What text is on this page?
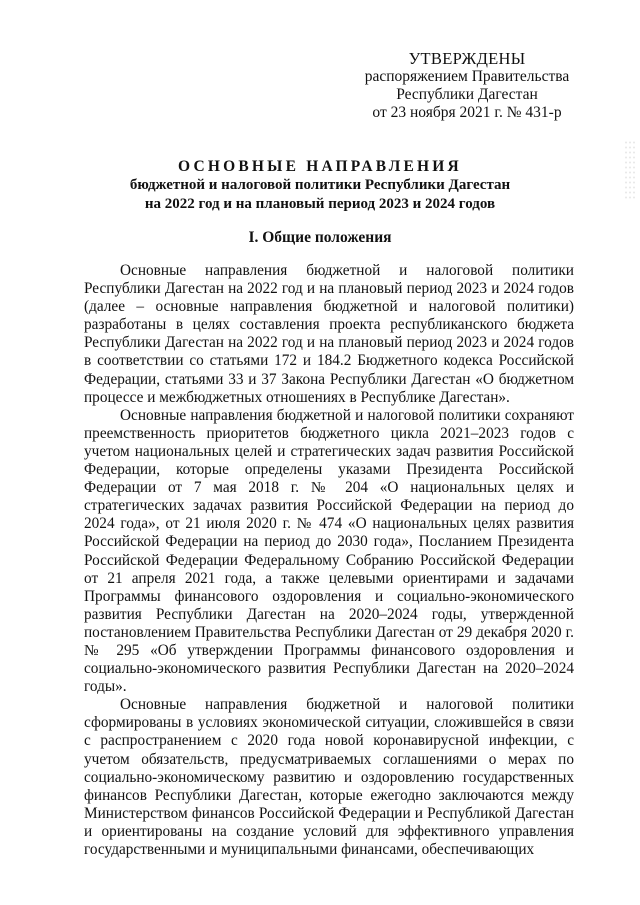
УТВЕРЖДЕНЫ
распоряжением Правительства
Республики Дагестан
от 23 ноября 2021 г. № 431-р
ОСНОВНЫЕ НАПРАВЛЕНИЯ
бюджетной и налоговой политики Республики Дагестан
на 2022 год и на плановый период 2023 и 2024 годов
I. Общие положения

Основные направления бюджетной и налоговой политики Республики Дагестан на 2022 год и на плановый период 2023 и 2024 годов (далее – основные направления бюджетной и налоговой политики) разработаны в целях составления проекта республиканского бюджета Республики Дагестан на 2022 год и на плановый период 2023 и 2024 годов в соответствии со статьями 172 и 184.2 Бюджетного кодекса Российской Федерации, статьями 33 и 37 Закона Республики Дагестан «О бюджетном процессе и межбюджетных отношениях в Республике Дагестан».

Основные направления бюджетной и налоговой политики сохраняют преемственность приоритетов бюджетного цикла 2021–2023 годов с учетом национальных целей и стратегических задач развития Российской Федерации, которые определены указами Президента Российской Федерации от 7 мая 2018 г. № 204 «О национальных целях и стратегических задачах развития Российской Федерации на период до 2024 года», от 21 июля 2020 г. № 474 «О национальных целях развития Российской Федерации на период до 2030 года», Посланием Президента Российской Федерации Федеральному Собранию Российской Федерации от 21 апреля 2021 года, а также целевыми ориентирами и задачами Программы финансового оздоровления и социально-экономического развития Республики Дагестан на 2020–2024 годы, утвержденной постановлением Правительства Республики Дагестан от 29 декабря 2020 г. № 295 «Об утверждении Программы финансового оздоровления и социально-экономического развития Республики Дагестан на 2020–2024 годы».

Основные направления бюджетной и налоговой политики сформированы в условиях экономической ситуации, сложившейся в связи с распространением с 2020 года новой коронавирусной инфекции, с учетом обязательств, предусматриваемых соглашениями о мерах по социально-экономическому развитию и оздоровлению государственных финансов Республики Дагестан, которые ежегодно заключаются между Министерством финансов Российской Федерации и Республикой Дагестан и ориентированы на создание условий для эффективного управления государственными и муниципальными финансами, обеспечивающих
